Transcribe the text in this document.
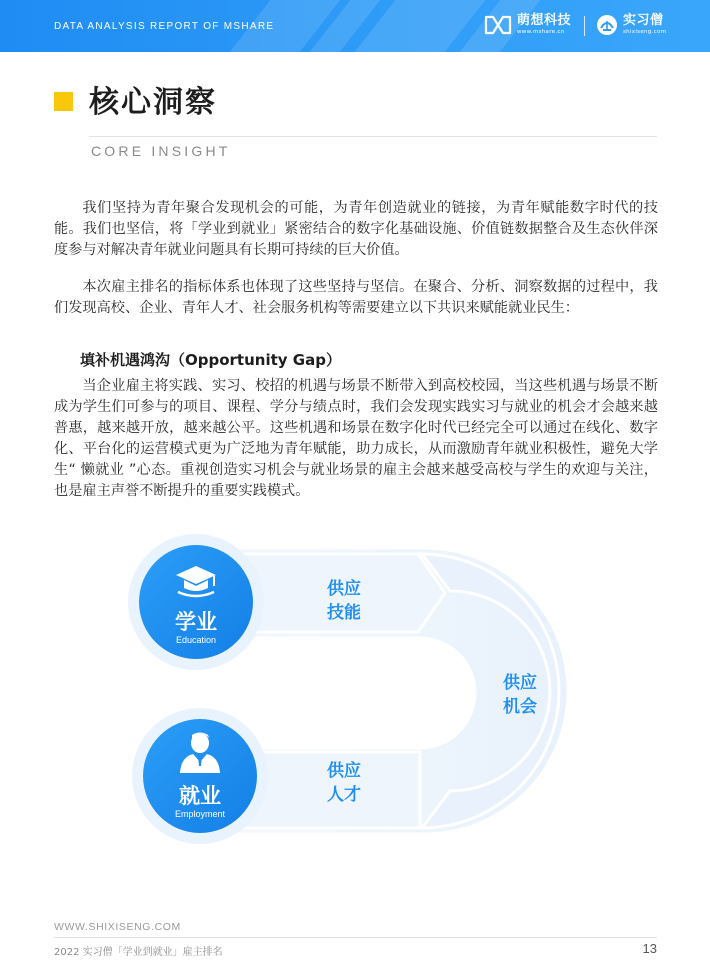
DATA ANALYSIS REPORT OF MSHARE	萌想科技
www.mshare.cn
实习僧
shixiseng.com
核心洞察
CORE INSIGHT

我们坚持为青年聚合发现机会的可能，为青年创造就业的链接，为青年赋能数字时代的技能。我们也坚信，将「学业到就业」紧密结合的数字化基础设施、价值链数据整合及生态伙伴深度参与对解决青年就业问题具有长期可持续的巨大价值。

本次雇主排名的指标体系也体现了这些坚持与坚信。在聚合、分析、洞察数据的过程中，我们发现高校、企业、青年人才、社会服务机构等需要建立以下共识来赋能就业民生：

填补机遇鸿沟（Opportunity Gap）

当企业雇主将实践、实习、校招的机遇与场景不断带入到高校校园，当这些机遇与场景不断成为学生们可参与的项目、课程、学分与绩点时，我们会发现实践实习与就业的机会才会越来越普惠，越来越开放，越来越公平。这些机遇和场景在数字化时代已经完全可以通过在线化、数字化、平台化的运营模式更为广泛地为青年赋能，助力成长，从而激励青年就业积极性，避免大学生“ 懒就业 ”心态。重视创造实习机会与就业场景的雇主会越来越受高校与学生的欢迎与关注，也是雇主声誉不断提升的重要实践模式。

学业
Education
就业
Employment
供应
技能
供应
机会
供应
人才
WWW.SHIXISENG.COM
2022 实习僧「学业到就业」雇主排名	13
